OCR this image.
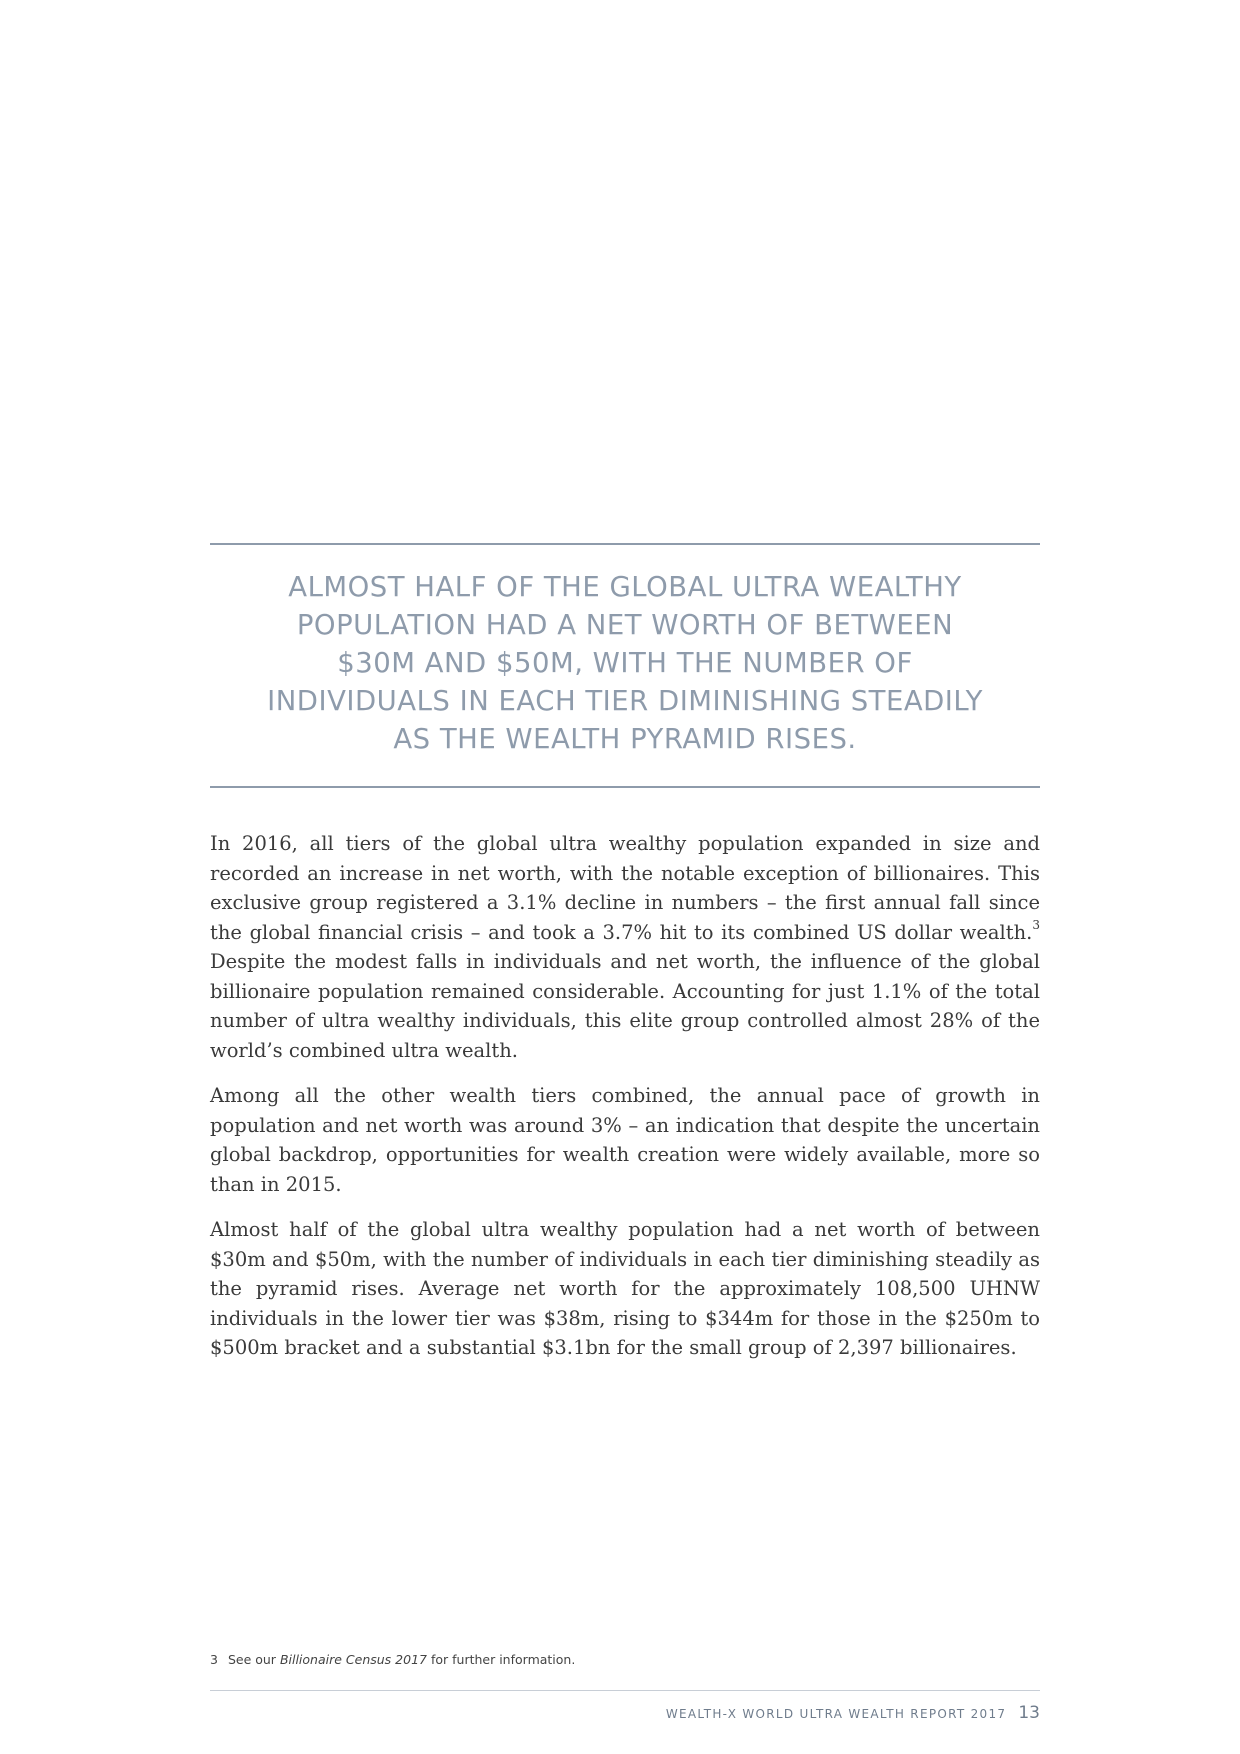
ALMOST HALF OF THE GLOBAL ULTRA WEALTHY
POPULATION HAD A NET WORTH OF BETWEEN
$30M AND $50M, WITH THE NUMBER OF
INDIVIDUALS IN EACH TIER DIMINISHING STEADILY
AS THE WEALTH PYRAMID RISES.

In 2016, all tiers of the global ultra wealthy population expanded in size and recorded an increase in net worth, with the notable exception of billionaires. This exclusive group registered a 3.1% decline in numbers – the first annual fall since the global financial crisis – and took a 3.7% hit to its combined US dollar wealth.$^3$ Despite the modest falls in individuals and net worth, the influence of the global billionaire population remained considerable. Accounting for just 1.1% of the total number of ultra wealthy individuals, this elite group controlled almost 28% of the world’s combined ultra wealth.

Among all the other wealth tiers combined, the annual pace of growth in population and net worth was around 3% – an indication that despite the uncertain global backdrop, opportunities for wealth creation were widely available, more so than in 2015.

Almost half of the global ultra wealthy population had a net worth of between $30m and $50m, with the number of individuals in each tier diminishing steadily as the pyramid rises. Average net worth for the approximately 108,500 UHNW individuals in the lower tier was $38m, rising to $344m for those in the $250m to $500m bracket and a substantial $3.1bn for the small group of 2,397 billionaires.

3 See our Billionaire Census 2017 for further information.
WEALTH-X WORLD ULTRA WEALTH REPORT 2017 13
